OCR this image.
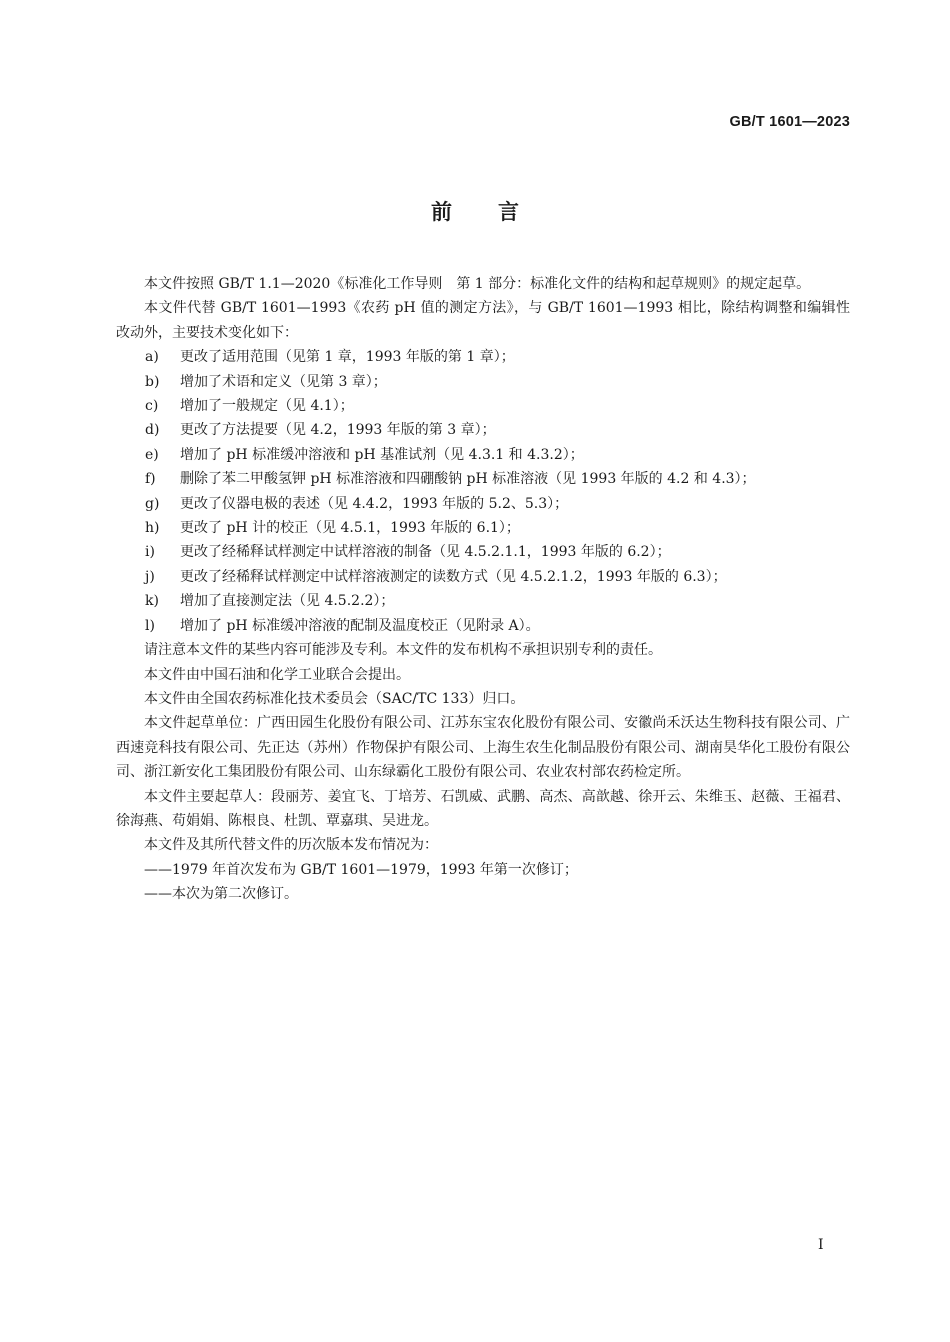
GB/T 1601—2023
前言

本文件按照 GB/T 1.1—2020《标准化工作导则　第 1 部分：标准化文件的结构和起草规则》的规定起草。

本文件代替 GB/T 1601—1993《农药 pH 值的测定方法》，与 GB/T 1601—1993 相比，除结构调整和编辑性改动外，主要技术变化如下：

a)	更改了适用范围（见第 1 章，1993 年版的第 1 章）；
b)	增加了术语和定义（见第 3 章）；
c)	增加了一般规定（见 4.1）；
d)	更改了方法提要（见 4.2，1993 年版的第 3 章）；
e)	增加了 pH 标准缓冲溶液和 pH 基准试剂（见 4.3.1 和 4.3.2）；
f)	删除了苯二甲酸氢钾 pH 标准溶液和四硼酸钠 pH 标准溶液（见 1993 年版的 4.2 和 4.3）；
g)	更改了仪器电极的表述（见 4.4.2，1993 年版的 5.2、5.3）；
h)	更改了 pH 计的校正（见 4.5.1，1993 年版的 6.1）；
i)	更改了经稀释试样测定中试样溶液的制备（见 4.5.2.1.1，1993 年版的 6.2）；
j)	更改了经稀释试样测定中试样溶液测定的读数方式（见 4.5.2.1.2，1993 年版的 6.3）；
k)	增加了直接测定法（见 4.5.2.2）；
l)	增加了 pH 标准缓冲溶液的配制及温度校正（见附录 A）。

请注意本文件的某些内容可能涉及专利。本文件的发布机构不承担识别专利的责任。

本文件由中国石油和化学工业联合会提出。

本文件由全国农药标准化技术委员会（SAC/TC 133）归口。

本文件起草单位：广西田园生化股份有限公司、江苏东宝农化股份有限公司、安徽尚禾沃达生物科技有限公司、广西速竞科技有限公司、先正达（苏州）作物保护有限公司、上海生农生化制品股份有限公司、湖南昊华化工股份有限公司、浙江新安化工集团股份有限公司、山东绿霸化工股份有限公司、农业农村部农药检定所。

本文件主要起草人：段丽芳、姜宜飞、丁培芳、石凯威、武鹏、高杰、高歆越、徐开云、朱维玉、赵薇、王福君、徐海燕、苟娟娟、陈根良、杜凯、覃嘉琪、吴进龙。

本文件及其所代替文件的历次版本发布情况为：

——1979 年首次发布为 GB/T 1601—1979，1993 年第一次修订；

——本次为第二次修订。

Ⅰ
